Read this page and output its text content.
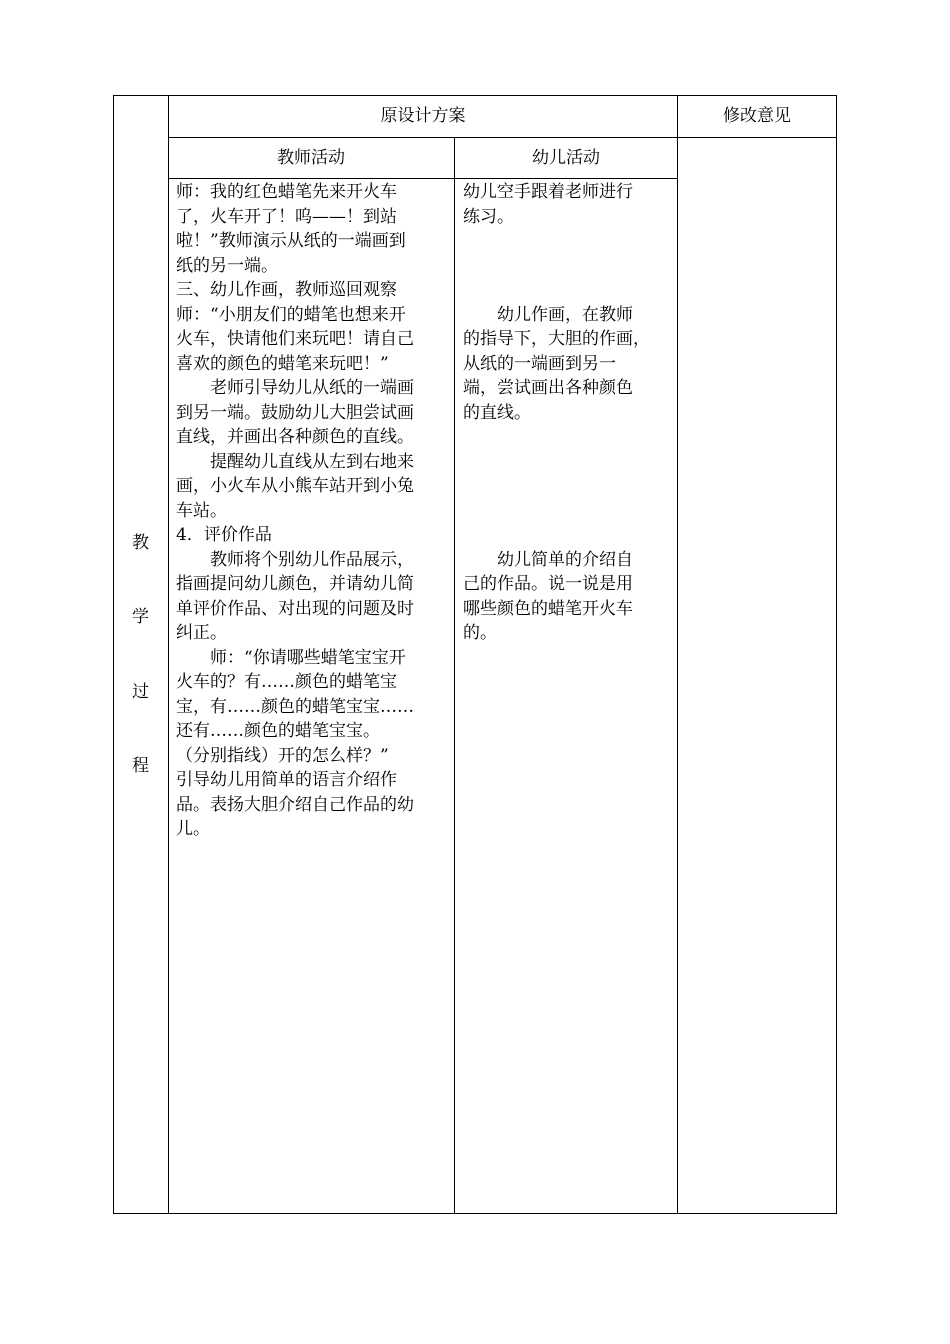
原设计方案	修改意见
教师活动	幼儿活动
教
学
过
程
师：我的红色蜡笔先来开火车
了，火车开了！呜——！到站
啦！”教师演示从纸的一端画到
纸的另一端。
三、幼儿作画，教师巡回观察
师：“小朋友们的蜡笔也想来开
火车，快请他们来玩吧！请自己
喜欢的颜色的蜡笔来玩吧！”
　　老师引导幼儿从纸的一端画
到另一端。鼓励幼儿大胆尝试画
直线，并画出各种颜色的直线。
　　提醒幼儿直线从左到右地来
画，小火车从小熊车站开到小兔
车站。
4．评价作品
　　教师将个别幼儿作品展示，
指画提问幼儿颜色，并请幼儿简
单评价作品、对出现的问题及时
纠正。
　　师：“你请哪些蜡笔宝宝开
火车的？有……颜色的蜡笔宝
宝，有……颜色的蜡笔宝宝……
还有……颜色的蜡笔宝宝。
（分别指线）开的怎么样？”
引导幼儿用简单的语言介绍作
品。表扬大胆介绍自己作品的幼
儿。
幼儿空手跟着老师进行
练习。
　　幼儿作画，在教师
的指导下，大胆的作画，
从纸的一端画到另一
端，尝试画出各种颜色
的直线。
　　幼儿简单的介绍自
己的作品。说一说是用
哪些颜色的蜡笔开火车
的。
